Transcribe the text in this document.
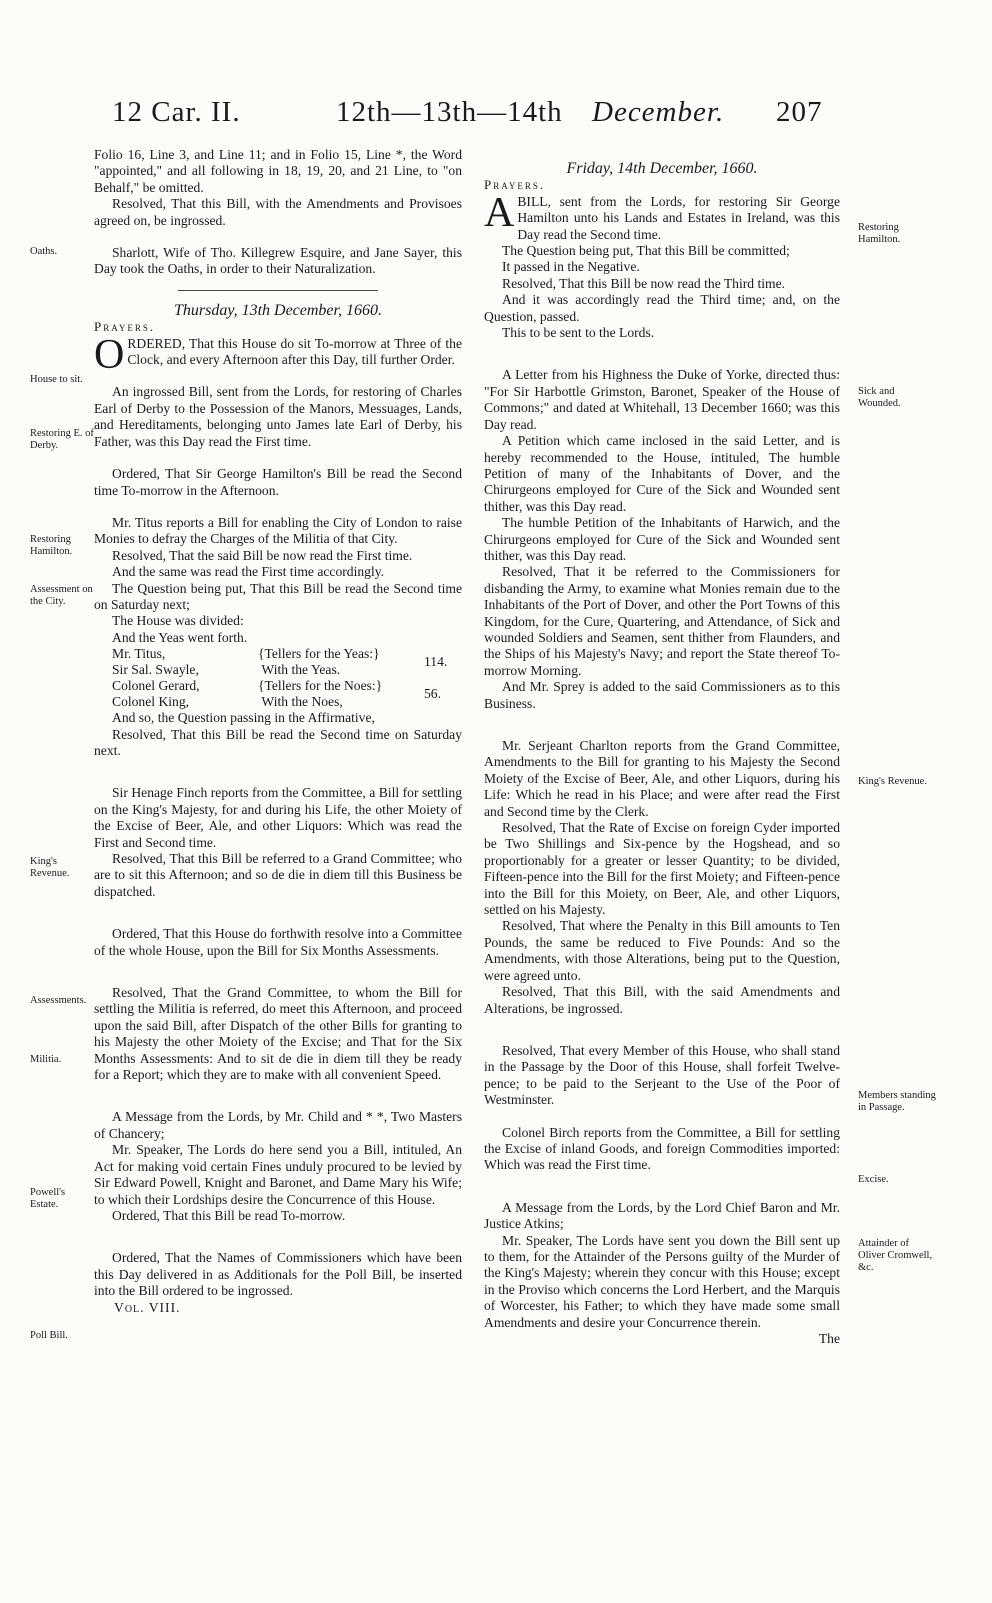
12 Car. II.	12th—13th—14th December. 207

Folio 16, Line 3, and Line 11; and in Folio 15, Line *, the Word "appointed," and all following in 18, 19, 20, and 21 Line, to "on Behalf," be omitted.

Resolved, That this Bill, with the Amendments and Provisoes agreed on, be ingrossed.

Sharlott, Wife of Tho. Killegrew Esquire, and Jane Sayer, this Day took the Oaths, in order to their Naturalization.

Thursday, 13th December, 1660.

Prayers.

ORDERED, That this House do sit To-morrow at Three of the Clock, and every Afternoon after this Day, till further Order.

An ingrossed Bill, sent from the Lords, for restoring of Charles Earl of Derby to the Possession of the Manors, Messuages, Lands, and Hereditaments, belonging unto James late Earl of Derby, his Father, was this Day read the First time.

Ordered, That Sir George Hamilton's Bill be read the Second time To-morrow in the Afternoon.

Mr. Titus reports a Bill for enabling the City of London to raise Monies to defray the Charges of the Militia of that City.

Resolved, That the said Bill be now read the First time.

And the same was read the First time accordingly.

The Question being put, That this Bill be read the Second time on Saturday next;

The House was divided:

And the Yeas went forth.

Mr. Titus,	{Tellers for the Yeas:}	114.
Sir Sal. Swayle,	With the Yeas.	
Colonel Gerard,	{Tellers for the Noes:}	56.
Colonel King,	With the Noes,	

And so, the Question passing in the Affirmative,

Resolved, That this Bill be read the Second time on Saturday next.

Sir Henage Finch reports from the Committee, a Bill for settling on the King's Majesty, for and during his Life, the other Moiety of the Excise of Beer, Ale, and other Liquors: Which was read the First and Second time.

Resolved, That this Bill be referred to a Grand Committee; who are to sit this Afternoon; and so de die in diem till this Business be dispatched.

Ordered, That this House do forthwith resolve into a Committee of the whole House, upon the Bill for Six Months Assessments.

Resolved, That the Grand Committee, to whom the Bill for settling the Militia is referred, do meet this Afternoon, and proceed upon the said Bill, after Dispatch of the other Bills for granting to his Majesty the other Moiety of the Excise; and That for the Six Months Assessments: And to sit de die in diem till they be ready for a Report; which they are to make with all convenient Speed.

A Message from the Lords, by Mr. Child and * *, Two Masters of Chancery;

Mr. Speaker, The Lords do here send you a Bill, intituled, An Act for making void certain Fines unduly procured to be levied by Sir Edward Powell, Knight and Baronet, and Dame Mary his Wife; to which their Lordships desire the Concurrence of this House.

Ordered, That this Bill be read To-morrow.

Ordered, That the Names of Commissioners which have been this Day delivered in as Additionals for the Poll Bill, be inserted into the Bill ordered to be ingrossed.

Vol. VIII.

Friday, 14th December, 1660.

Prayers.

ABILL, sent from the Lords, for restoring Sir George Hamilton unto his Lands and Estates in Ireland, was this Day read the Second time.

The Question being put, That this Bill be committed;

It passed in the Negative.

Resolved, That this Bill be now read the Third time.

And it was accordingly read the Third time; and, on the Question, passed.

This to be sent to the Lords.

A Letter from his Highness the Duke of Yorke, directed thus: "For Sir Harbottle Grimston, Baronet, Speaker of the House of Commons;" and dated at Whitehall, 13 December 1660; was this Day read.

A Petition which came inclosed in the said Letter, and is hereby recommended to the House, intituled, The humble Petition of many of the Inhabitants of Dover, and the Chirurgeons employed for Cure of the Sick and Wounded sent thither, was this Day read.

The humble Petition of the Inhabitants of Harwich, and the Chirurgeons employed for Cure of the Sick and Wounded sent thither, was this Day read.

Resolved, That it be referred to the Commissioners for disbanding the Army, to examine what Monies remain due to the Inhabitants of the Port of Dover, and other the Port Towns of this Kingdom, for the Cure, Quartering, and Attendance, of Sick and wounded Soldiers and Seamen, sent thither from Flaunders, and the Ships of his Majesty's Navy; and report the State thereof To-morrow Morning.

And Mr. Sprey is added to the said Commissioners as to this Business.

Mr. Serjeant Charlton reports from the Grand Committee, Amendments to the Bill for granting to his Majesty the Second Moiety of the Excise of Beer, Ale, and other Liquors, during his Life: Which he read in his Place; and were after read the First and Second time by the Clerk.

Resolved, That the Rate of Excise on foreign Cyder imported be Two Shillings and Six-pence by the Hogshead, and so proportionably for a greater or lesser Quantity; to be divided, Fifteen-pence into the Bill for the first Moiety; and Fifteen-pence into the Bill for this Moiety, on Beer, Ale, and other Liquors, settled on his Majesty.

Resolved, That where the Penalty in this Bill amounts to Ten Pounds, the same be reduced to Five Pounds: And so the Amendments, with those Alterations, being put to the Question, were agreed unto.

Resolved, That this Bill, with the said Amendments and Alterations, be ingrossed.

Resolved, That every Member of this House, who shall stand in the Passage by the Door of this House, shall forfeit Twelve-pence; to be paid to the Serjeant to the Use of the Poor of Westminster.

Colonel Birch reports from the Committee, a Bill for settling the Excise of inland Goods, and foreign Commodities imported: Which was read the First time.

A Message from the Lords, by the Lord Chief Baron and Mr. Justice Atkins;

Mr. Speaker, The Lords have sent you down the Bill sent up to them, for the Attainder of the Persons guilty of the Murder of the King's Majesty; wherein they concur with this House; except in the Proviso which concerns the Lord Herbert, and the Marquis of Worcester, his Father; to which they have made some small Amendments and desire your Concurrence therein.

The

Oaths.
House to sit.
Restoring E. of Derby.
Restoring Hamilton.
Assessment on the City.
King's Revenue.
Assessments.
Militia.
Powell's Estate.
Poll Bill.
Restoring Hamilton.
Sick and Wounded.
King's Revenue.
Members standing in Passage.
Excise.
Attainder of Oliver Cromwell, &c.
